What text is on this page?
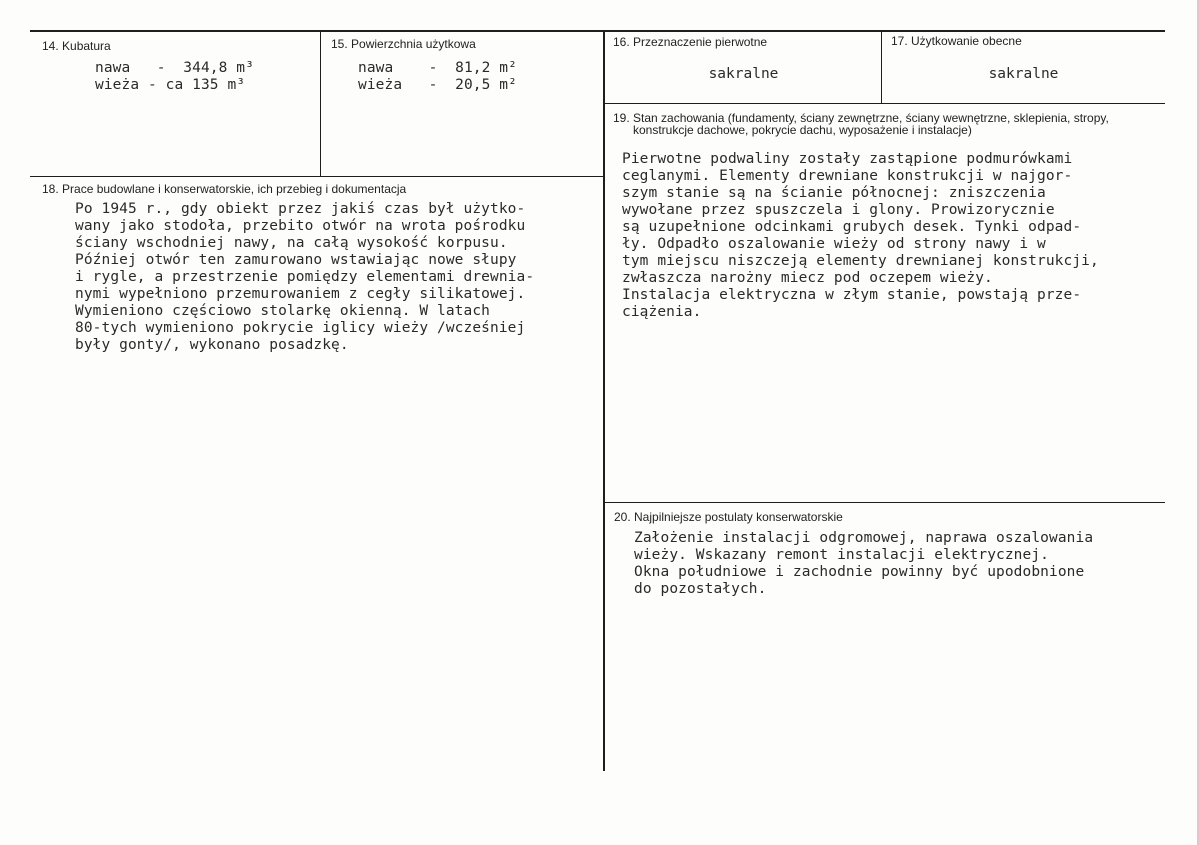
14. Kubatura
nawa   -  344,8 m³
wieża - ca 135 m³
15. Powierzchnia użytkowa
nawa    -  81,2 m²
wieża   -  20,5 m²
16. Przeznaczenie pierwotne
sakralne
17. Użytkowanie obecne
sakralne
18. Prace budowlane i konserwatorskie, ich przebieg i dokumentacja
Po 1945 r., gdy obiekt przez jakiś czas był użytko-
wany jako stodoła, przebito otwór na wrota pośrodku
ściany wschodniej nawy, na całą wysokość korpusu.
Później otwór ten zamurowano wstawiając nowe słupy
i rygle, a przestrzenie pomiędzy elementami drewnia-
nymi wypełniono przemurowaniem z cegły silikatowej.
Wymieniono częściowo stolarkę okienną. W latach
80-tych wymieniono pokrycie iglicy wieży /wcześniej
były gonty/, wykonano posadzkę.
19. Stan zachowania (fundamenty, ściany zewnętrzne, ściany wewnętrzne, sklepienia, stropy,
konstrukcje dachowe, pokrycie dachu, wyposażenie i instalacje)
Pierwotne podwaliny zostały zastąpione podmurówkami
ceglanymi. Elementy drewniane konstrukcji w najgor-
szym stanie są na ścianie północnej: zniszczenia
wywołane przez spuszczela i glony. Prowizorycznie
są uzupełnione odcinkami grubych desek. Tynki odpad-
ły. Odpadło oszalowanie wieży od strony nawy i w
tym miejscu niszczeją elementy drewnianej konstrukcji,
zwłaszcza narożny miecz pod oczepem wieży.
Instalacja elektryczna w złym stanie, powstają prze-
ciążenia.
20. Najpilniejsze postulaty konserwatorskie
Założenie instalacji odgromowej, naprawa oszalowania
wieży. Wskazany remont instalacji elektrycznej.
Okna południowe i zachodnie powinny być upodobnione
do pozostałych.
